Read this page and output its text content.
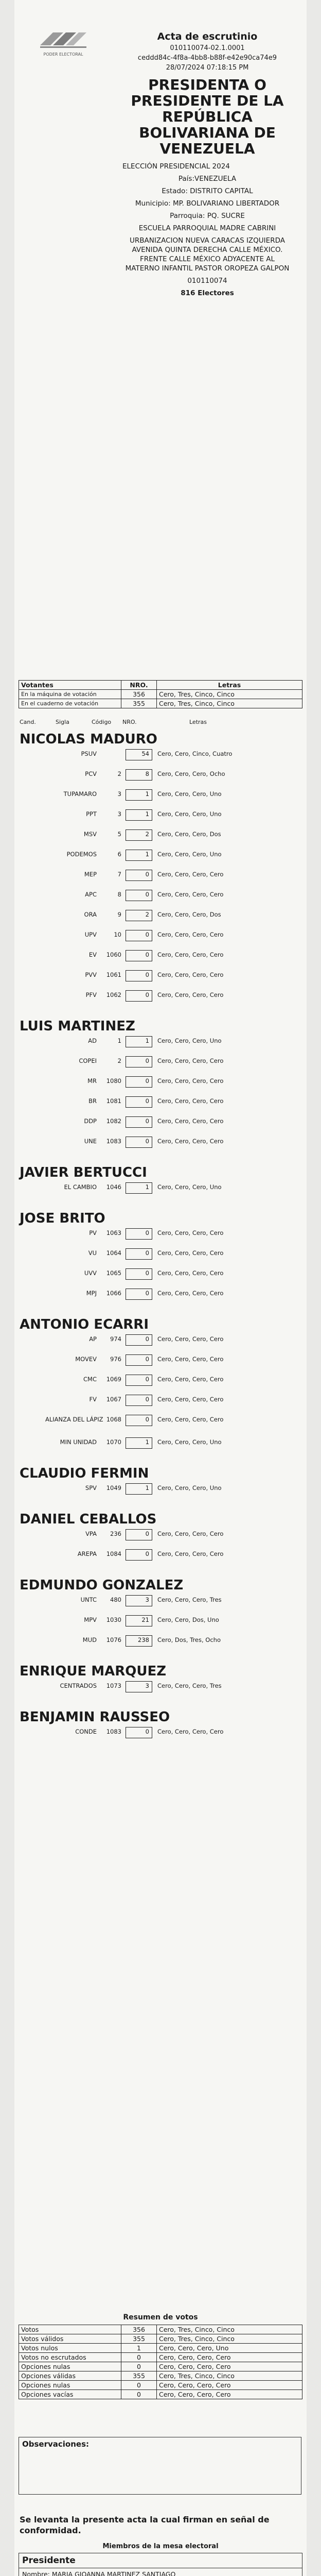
PODER ELECTORAL
Acta de escrutinio
010110074-02.1.0001
ceddd84c-4f8a-4bb8-b88f-e42e90ca74e9
28/07/2024 07:18:15 PM
PRESIDENTA O PRESIDENTE DE LA REPÚBLICA BOLIVARIANA DE VENEZUELA
ELECCIÓN PRESIDENCIAL 2024
País:VENEZUELA
Estado: DISTRITO CAPITAL
Municipio: MP. BOLIVARIANO LIBERTADOR
Parroquia: PQ. SUCRE
ESCUELA PARROQUIAL MADRE CABRINI
URBANIZACION NUEVA CARACAS IZQUIERDA AVENIDA QUINTA DERECHA CALLE MÉXICO. FRENTE CALLE MÉXICO ADYACENTE AL MATERNO INFANTIL PASTOR OROPEZA GALPON
010110074
816 Electores
Votantes	NRO.	Letras
En la máquina de votación	356	Cero, Tres, Cinco, Cinco
En el cuaderno de votación	355	Cero, Tres, Cinco, Cinco
Cand.	Sigla	Código NRO.	Letras
NICOLAS MADURO
PSUV	54 Cero, Cero, Cinco, Cuatro
PCV	2	8 Cero, Cero, Cero, Ocho
TUPAMARO	3	1 Cero, Cero, Cero, Uno
PPT	3	1 Cero, Cero, Cero, Uno
MSV	5	2 Cero, Cero, Cero, Dos
PODEMOS	6	1 Cero, Cero, Cero, Uno
MEP	7	0 Cero, Cero, Cero, Cero
APC	8	0 Cero, Cero, Cero, Cero
ORA	9	2 Cero, Cero, Cero, Dos
UPV	10	0 Cero, Cero, Cero, Cero
EV	1060	0 Cero, Cero, Cero, Cero
PVV	1061	0 Cero, Cero, Cero, Cero
PFV	1062	0 Cero, Cero, Cero, Cero
LUIS MARTINEZ
AD	1	1 Cero, Cero, Cero, Uno
COPEI	2	0 Cero, Cero, Cero, Cero
MR	1080	0 Cero, Cero, Cero, Cero
BR	1081	0 Cero, Cero, Cero, Cero
DDP	1082	0 Cero, Cero, Cero, Cero
UNE	1083	0 Cero, Cero, Cero, Cero
JAVIER BERTUCCI
EL CAMBIO	1046	1 Cero, Cero, Cero, Uno
JOSE BRITO
PV	1063	0 Cero, Cero, Cero, Cero
VU	1064	0 Cero, Cero, Cero, Cero
UVV	1065	0 Cero, Cero, Cero, Cero
MPJ	1066	0 Cero, Cero, Cero, Cero
ANTONIO ECARRI
AP	974	0 Cero, Cero, Cero, Cero
MOVEV	976	0 Cero, Cero, Cero, Cero
CMC	1069	0 Cero, Cero, Cero, Cero
FV	1067	0 Cero, Cero, Cero, Cero
ALIANZA DEL LÁPIZ 1068	0 Cero, Cero, Cero, Cero
MIN UNIDAD	1070	1 Cero, Cero, Cero, Uno
CLAUDIO FERMIN
SPV	1049	1 Cero, Cero, Cero, Uno
DANIEL CEBALLOS
VPA	236	0 Cero, Cero, Cero, Cero
AREPA	1084	0 Cero, Cero, Cero, Cero
EDMUNDO GONZALEZ
UNTC	480	3 Cero, Cero, Cero, Tres
MPV	1030	21 Cero, Cero, Dos, Uno
MUD	1076	238 Cero, Dos, Tres, Ocho
ENRIQUE MARQUEZ
CENTRADOS	1073	3 Cero, Cero, Cero, Tres
BENJAMIN RAUSSEO
CONDE	1083	0 Cero, Cero, Cero, Cero
Resumen de votos
Votos	356	Cero, Tres, Cinco, Cinco
Votos válidos	355	Cero, Tres, Cinco, Cinco
Votos nulos	1	Cero, Cero, Cero, Uno
Votos no escrutados	0	Cero, Cero, Cero, Cero
Opciones nulas	0	Cero, Cero, Cero, Cero
Opciones válidas	355	Cero, Tres, Cinco, Cinco
Opciones nulas	0	Cero, Cero, Cero, Cero
Opciones vacías	0	Cero, Cero, Cero, Cero
Observaciones:
Se levanta la presente acta la cual firman en señal de conformidad.
Miembros de la mesa electoral
Presidente
Nombre: MARIA GIOANNA MARTINEZ SANTIAGO
